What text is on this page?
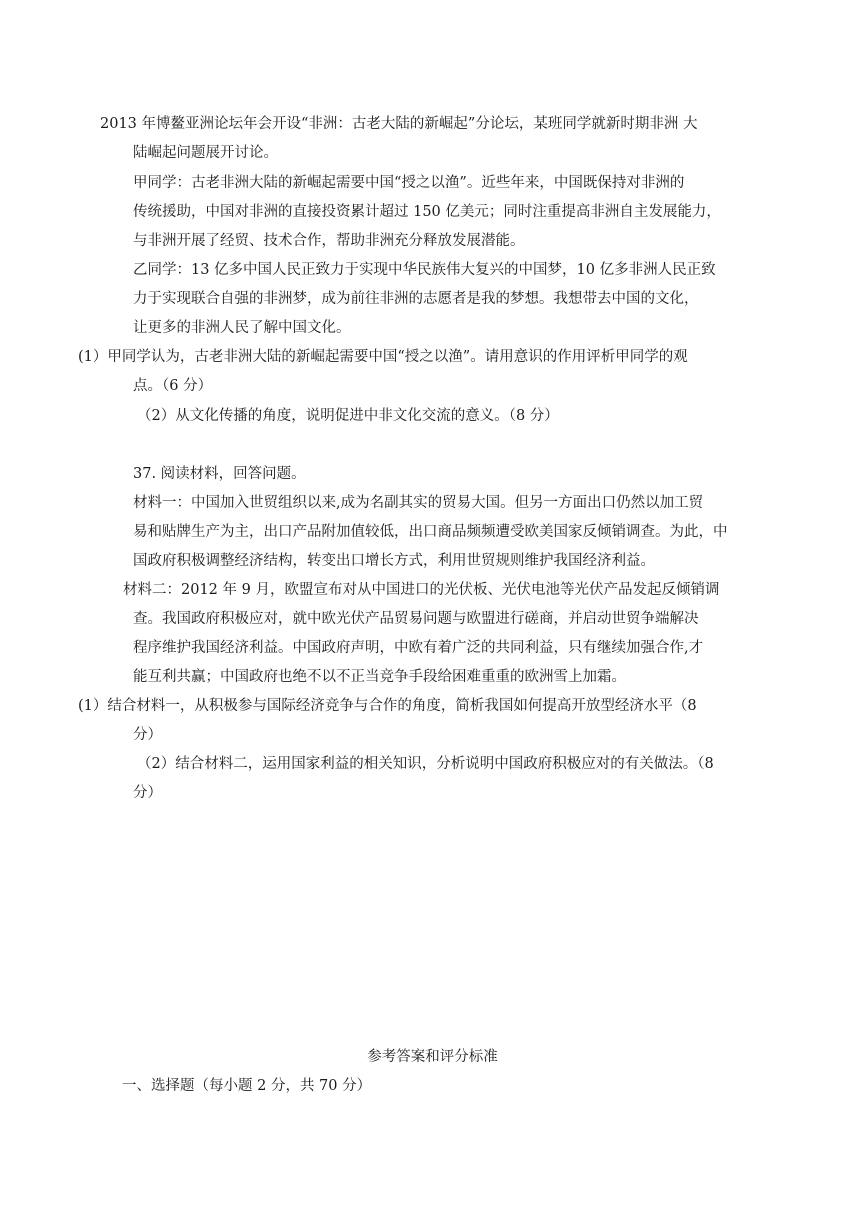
2013 年博鳌亚洲论坛年会开设“非洲：古老大陆的新崛起”分论坛，某班同学就新时期非洲 大
陆崛起问题展开讨论。
甲同学：古老非洲大陆的新崛起需要中国“授之以渔”。近些年来，中国既保持对非洲的
传统援助，中国对非洲的直接投资累计超过 150 亿美元；同时注重提高非洲自主发展能力，
与非洲开展了经贸、技术合作，帮助非洲充分释放发展潜能。
乙同学：13 亿多中国人民正致力于实现中华民族伟大复兴的中国梦，10 亿多非洲人民正致
力于实现联合自强的非洲梦，成为前往非洲的志愿者是我的梦想。我想带去中国的文化，
让更多的非洲人民了解中国文化。
(1）甲同学认为，古老非洲大陆的新崛起需要中国“授之以渔”。请用意识的作用评析甲同学的观
点。（6 分）
（2）从文化传播的角度，说明促进中非文化交流的意义。（8 分）
37. 阅读材料，回答问题。
材料一：中国加入世贸组织以来,成为名副其实的贸易大国。但另一方面出口仍然以加工贸
易和贴牌生产为主，出口产品附加值较低，出口商品频频遭受欧美国家反倾销调查。为此，中
国政府积极调整经济结构，转变出口增长方式，利用世贸规则维护我国经济利益。
材料二：2012 年 9 月，欧盟宣布对从中国进口的光伏板、光伏电池等光伏产品发起反倾销调
查。我国政府积极应对，就中欧光伏产品贸易问题与欧盟进行磋商，并启动世贸争端解决
程序维护我国经济利益。中国政府声明，中欧有着广泛的共同利益，只有继续加强合作,才
能互利共赢；中国政府也绝不以不正当竞争手段给困难重重的欧洲雪上加霜。
(1）结合材料一，从积极参与国际经济竞争与合作的角度，简析我国如何提高开放型经济水平（8
分）
（2）结合材料二，运用国家利益的相关知识，分析说明中国政府积极应对的有关做法。（8
分）
参考答案和评分标准
一、选择题（每小题 2 分，共 70 分）
